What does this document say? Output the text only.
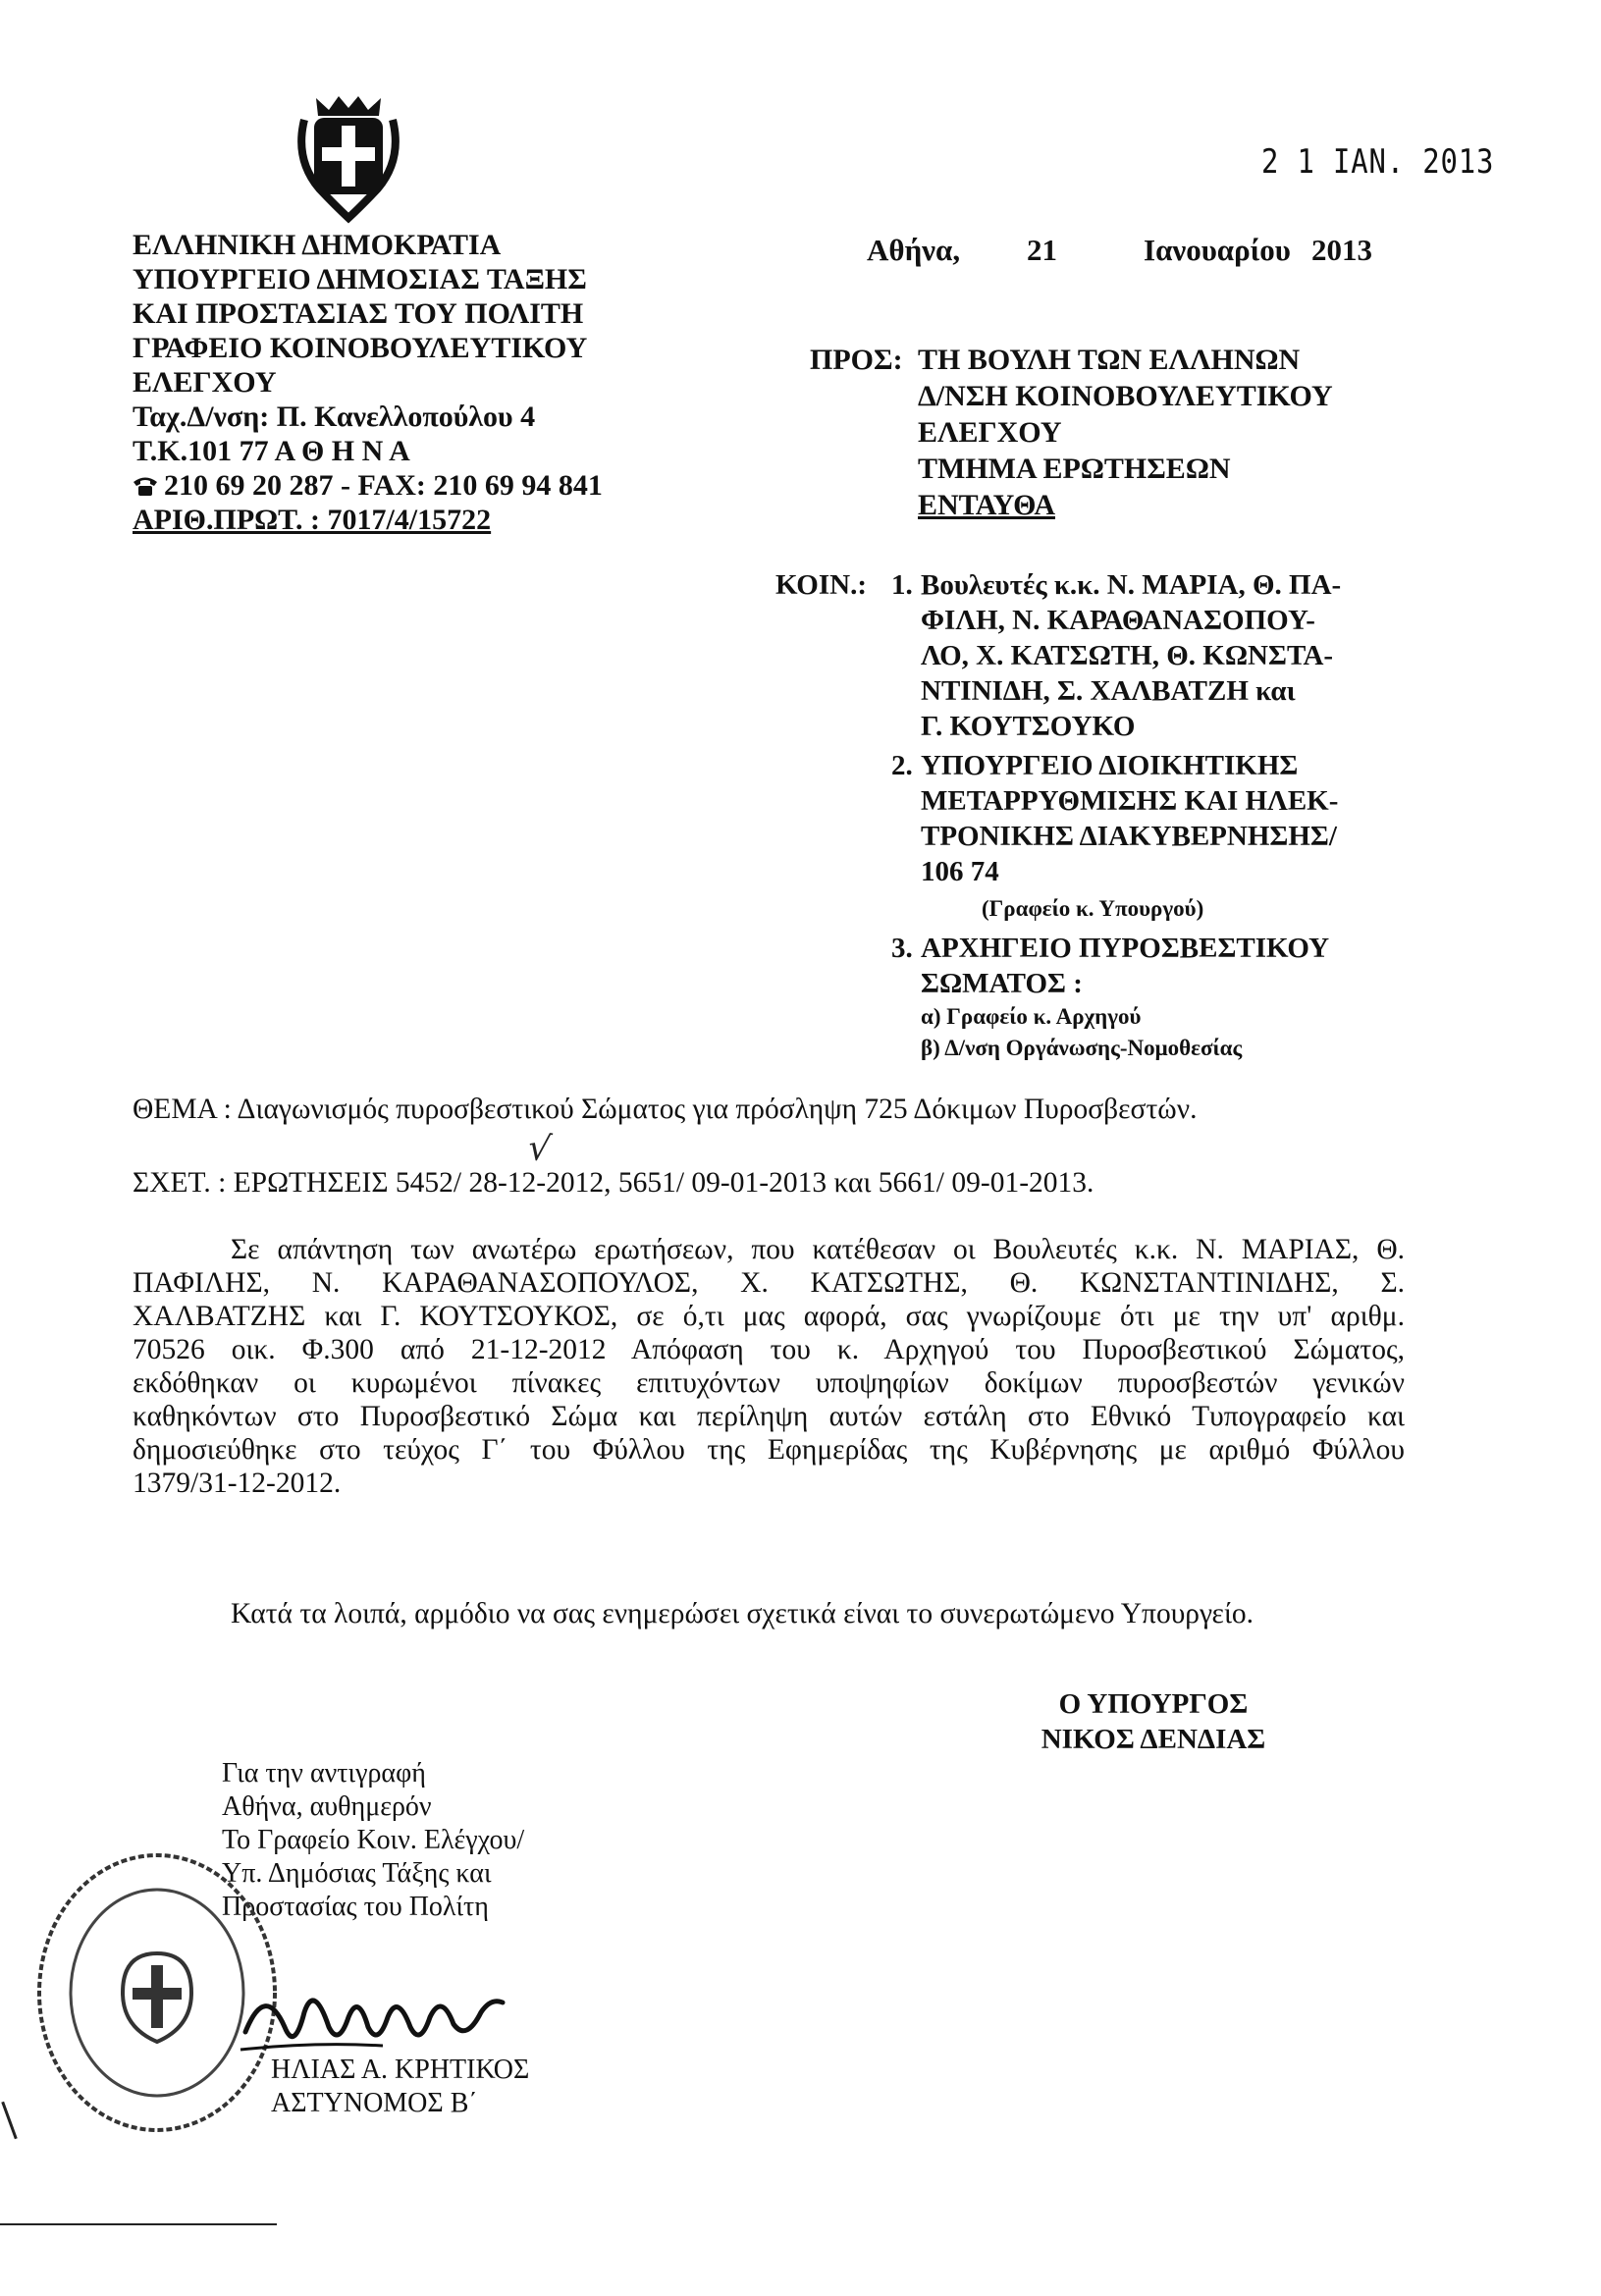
2 1 IAN. 2013
ΕΛΛΗΝΙΚΗ ΔΗΜΟΚΡΑΤΙΑ
ΥΠΟΥΡΓΕΙΟ ΔΗΜΟΣΙΑΣ ΤΑΞΗΣ
ΚΑΙ ΠΡΟΣΤΑΣΙΑΣ ΤΟΥ ΠΟΛΙΤΗ
ΓΡΑΦΕΙΟ ΚΟΙΝΟΒΟΥΛΕΥΤΙΚΟΥ
ΕΛΕΓΧΟΥ
Ταχ.Δ/νση: Π. Κανελλοπούλου 4
Τ.Κ.101 77 Α Θ Η Ν Α
210 69 20 287 - FAX: 210 69 94 841
ΑΡΙΘ.ΠΡΩΤ. : 7017/4/15722
Αθήνα, 21	Ιανουαρίου 2013
ΠΡΟΣ: ΤΗ ΒΟΥΛΗ ΤΩΝ ΕΛΛΗΝΩΝ
Δ/ΝΣΗ ΚΟΙΝΟΒΟΥΛΕΥΤΙΚΟΥ
ΕΛΕΓΧΟΥ
ΤΜΗΜΑ ΕΡΩΤΗΣΕΩΝ
ΕΝΤΑΥΘΑ
ΚΟΙΝ.: 1. Βουλευτές κ.κ. Ν. ΜΑΡΙΑ, Θ. ΠΑ-
ΦΙΛΗ, Ν. ΚΑΡΑΘΑΝΑΣΟΠΟΥ-
ΛΟ, Χ. ΚΑΤΣΩΤΗ, Θ. ΚΩΝΣΤΑ-
ΝΤΙΝΙΔΗ, Σ. ΧΑΛΒΑΤΖΗ και
Γ. ΚΟΥΤΣΟΥΚΟ
2. ΥΠΟΥΡΓΕΙΟ ΔΙΟΙΚΗΤΙΚΗΣ
ΜΕΤΑΡΡΥΘΜΙΣΗΣ ΚΑΙ ΗΛΕΚ-
ΤΡΟΝΙΚΗΣ ΔΙΑΚΥΒΕΡΝΗΣΗΣ/
106 74
(Γραφείο κ. Υπουργού)
3. ΑΡΧΗΓΕΙΟ ΠΥΡΟΣΒΕΣΤΙΚΟΥ
ΣΩΜΑΤΟΣ :
α) Γραφείο κ. Αρχηγού
β) Δ/νση Οργάνωσης-Νομοθεσίας
ΘΕΜΑ : Διαγωνισμός πυροσβεστικού Σώματος για πρόσληψη 725 Δόκιμων Πυροσβεστών.
√
ΣΧΕΤ. : ΕΡΩΤΗΣΕΙΣ 5452/ 28-12-2012, 5651/ 09-01-2013 και 5661/ 09-01-2013.
Σε απάντηση των ανωτέρω ερωτήσεων, που κατέθεσαν οι Βουλευτές κ.κ. Ν. ΜΑΡΙΑΣ, Θ.
ΠΑΦΙΛΗΣ, Ν. ΚΑΡΑΘΑΝΑΣΟΠΟΥΛΟΣ, Χ. ΚΑΤΣΩΤΗΣ, Θ. ΚΩΝΣΤΑΝΤΙΝΙΔΗΣ, Σ.
ΧΑΛΒΑΤΖΗΣ και Γ. ΚΟΥΤΣΟΥΚΟΣ, σε ό,τι μας αφορά, σας γνωρίζουμε ότι με την υπ' αριθμ.
70526 οικ. Φ.300 από 21-12-2012 Απόφαση του κ. Αρχηγού του Πυροσβεστικού Σώματος,
εκδόθηκαν οι κυρωμένοι πίνακες επιτυχόντων υποψηφίων δοκίμων πυροσβεστών γενικών
καθηκόντων στο Πυροσβεστικό Σώμα και περίληψη αυτών εστάλη στο Εθνικό Τυπογραφείο και
δημοσιεύθηκε στο τεύχος Γ΄ του Φύλλου της Εφημερίδας της Κυβέρνησης με αριθμό Φύλλου
1379/31-12-2012.
Κατά τα λοιπά, αρμόδιο να σας ενημερώσει σχετικά είναι το συνερωτώμενο Υπουργείο.
Ο ΥΠΟΥΡΓΟΣ
ΝΙΚΟΣ ΔΕΝΔΙΑΣ
Για την αντιγραφή
Αθήνα, αυθημερόν
Το Γραφείο Κοιν. Ελέγχου/
Υπ. Δημόσιας Τάξης και
Προστασίας του Πολίτη
ΗΛΙΑΣ Α. ΚΡΗΤΙΚΟΣ
ΑΣΤΥΝΟΜΟΣ Β΄
